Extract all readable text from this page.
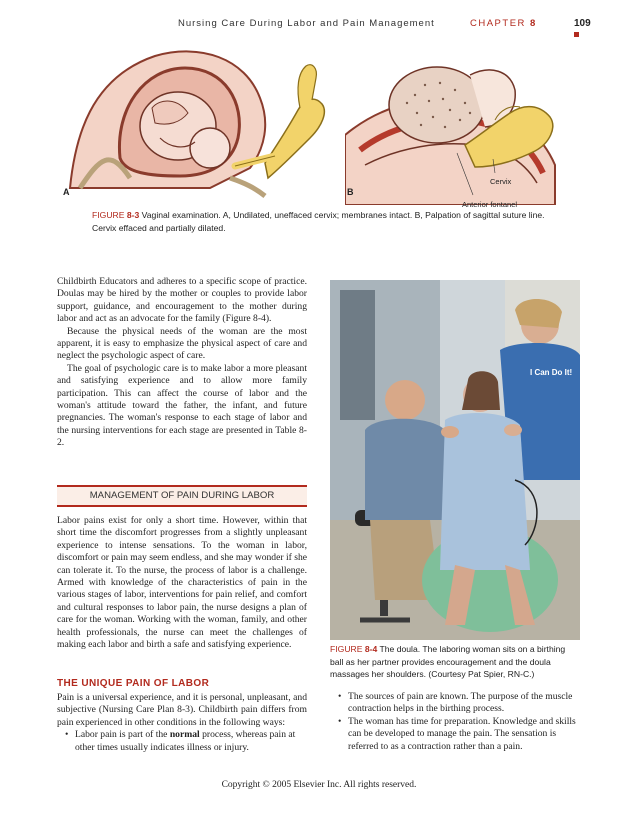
Nursing Care During Labor and Pain Management	CHAPTER 8	109
A	B
Cervix
Anterior fontanel
FIGURE 8-3 Vaginal examination. A, Undilated, uneffaced cervix; membranes intact. B, Palpation of sagittal suture line. Cervix effaced and partially dilated.

Childbirth Educators and adheres to a specific scope of practice. Doulas may be hired by the mother or couples to provide labor support, guidance, and encouragement to the mother during labor and act as an advocate for the family (Figure 8-4).

Because the physical needs of the woman are the most apparent, it is easy to emphasize the physical aspect of care and neglect the psychologic aspect of care.

The goal of psychologic care is to make labor a more pleasant and satisfying experience and to allow more family participation. This can affect the course of labor and the woman's attitude toward the father, the infant, and future pregnancies. The woman's response to each stage of labor and the nursing interventions for each stage are presented in Table 8-2.

MANAGEMENT OF PAIN DURING LABOR

Labor pains exist for only a short time. However, within that short time the discomfort progresses from a slightly unpleasant experience to intense sensations. To the woman in labor, discomfort or pain may seem endless, and she may wonder if she can tolerate it. To the nurse, the process of labor is a challenge. Armed with knowledge of the characteristics of pain in the various stages of labor, interventions for pain relief, and comfort and cultural responses to labor pain, the nurse designs a plan of care for the woman. Working with the woman, family, and other health professionals, the nurse can meet the challenges of making each labor and birth a safe and satisfying experience.

THE UNIQUE PAIN OF LABOR

Pain is a universal experience, and it is personal, unpleasant, and subjective (Nursing Care Plan 8-3). Childbirth pain differs from pain experienced in other conditions in the following ways:

• Labor pain is part of the normal process, whereas pain at other times usually indicates illness or injury.
I Can Do It!
FIGURE 8-4 The doula. The laboring woman sits on a birthing ball as her partner provides encouragement and the doula massages her shoulders. (Courtesy Pat Spier, RN-C.)
• The sources of pain are known. The purpose of the muscle contraction helps in the birthing process.
• The woman has time for preparation. Knowledge and skills can be developed to manage the pain. The sensation is referred to as a contraction rather than a pain.
Copyright © 2005 Elsevier Inc. All rights reserved.
